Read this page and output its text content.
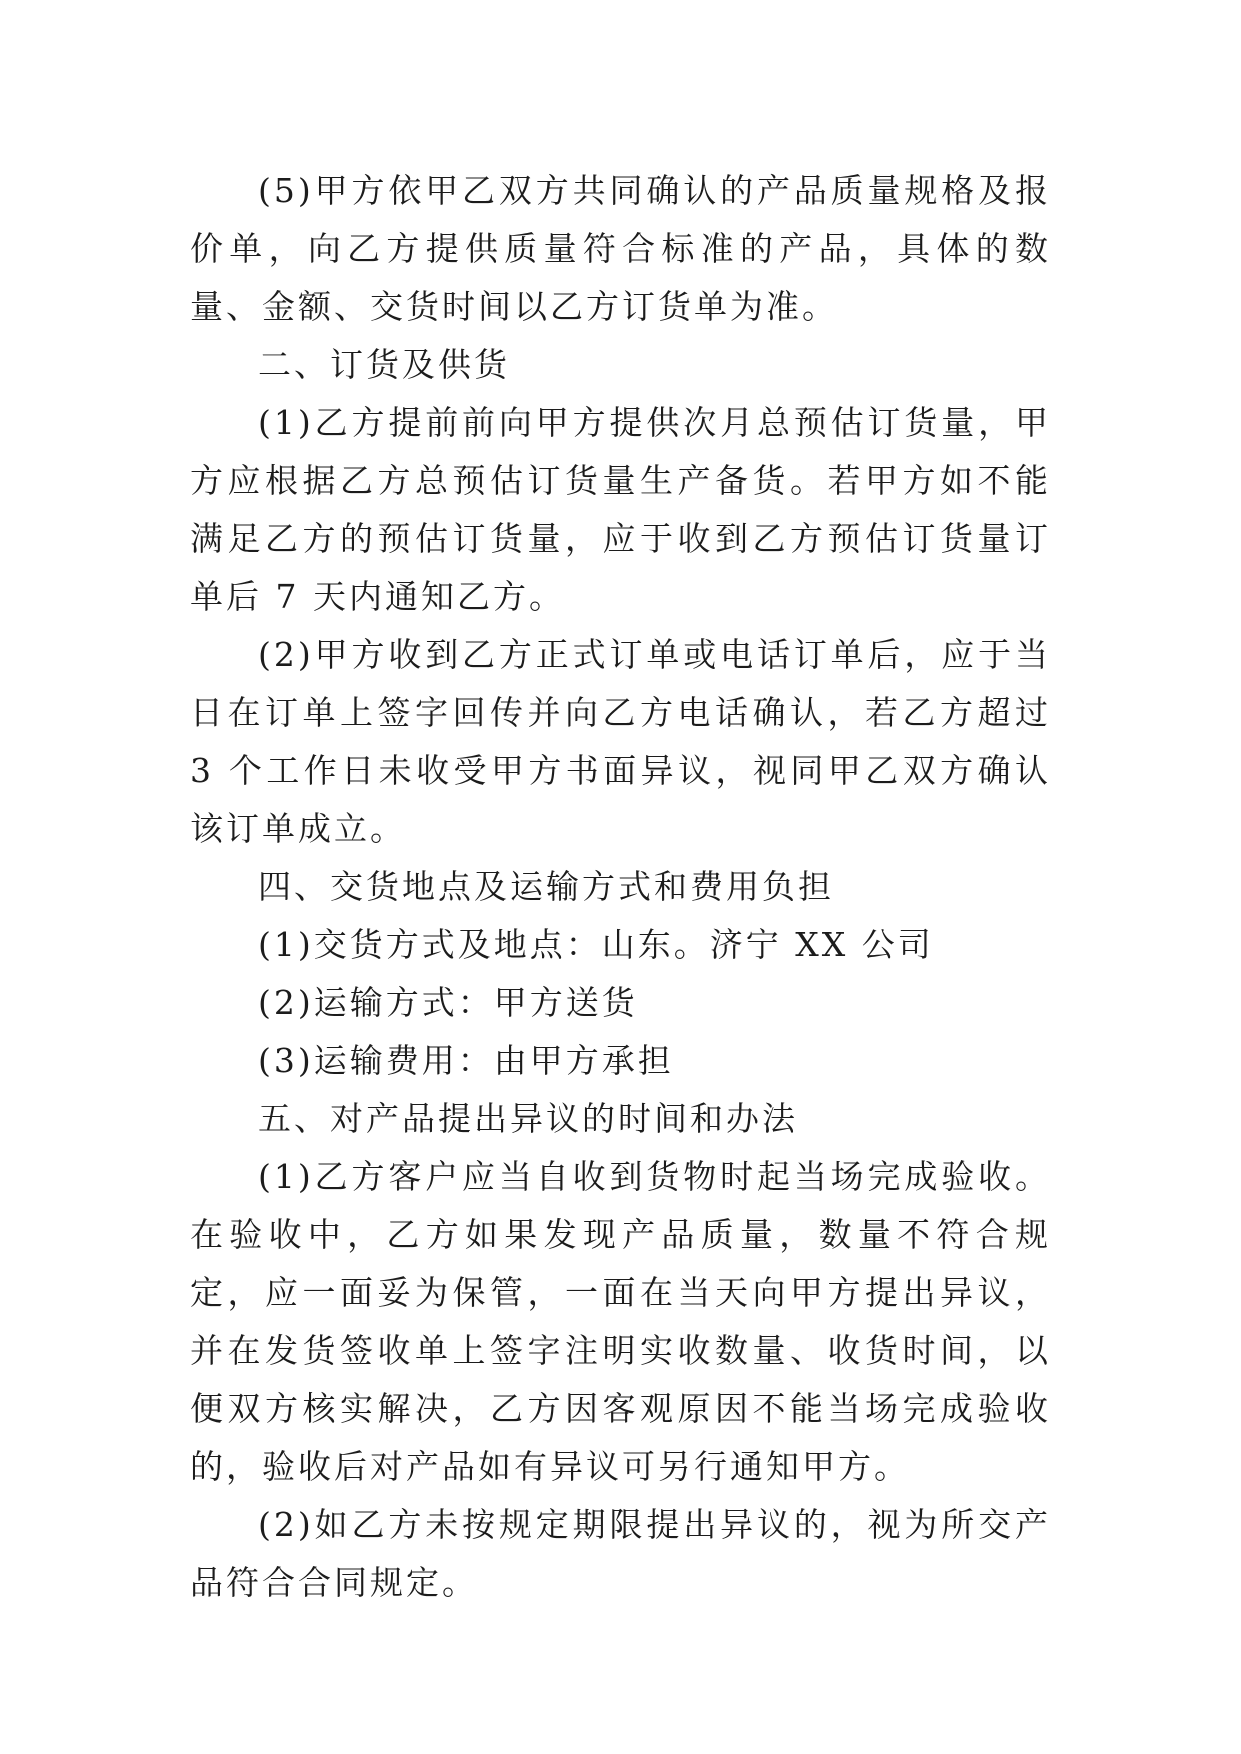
(5)甲方依甲乙双方共同确认的产品质量规格及报价单，向乙方提供质量符合标准的产品，具体的数量、金额、交货时间以乙方订货单为准。

二、订货及供货

(1)乙方提前前向甲方提供次月总预估订货量，甲方应根据乙方总预估订货量生产备货。若甲方如不能满足乙方的预估订货量，应于收到乙方预估订货量订单后 7 天内通知乙方。

(2)甲方收到乙方正式订单或电话订单后，应于当日在订单上签字回传并向乙方电话确认，若乙方超过 3 个工作日未收受甲方书面异议，视同甲乙双方确认该订单成立。

四、交货地点及运输方式和费用负担

(1)交货方式及地点：山东。济宁 XX 公司

(2)运输方式：甲方送货

(3)运输费用：由甲方承担

五、对产品提出异议的时间和办法

(1)乙方客户应当自收到货物时起当场完成验收。在验收中，乙方如果发现产品质量，数量不符合规定，应一面妥为保管，一面在当天向甲方提出异议，并在发货签收单上签字注明实收数量、收货时间，以便双方核实解决，乙方因客观原因不能当场完成验收的，验收后对产品如有异议可另行通知甲方。

(2)如乙方未按规定期限提出异议的，视为所交产品符合合同规定。
